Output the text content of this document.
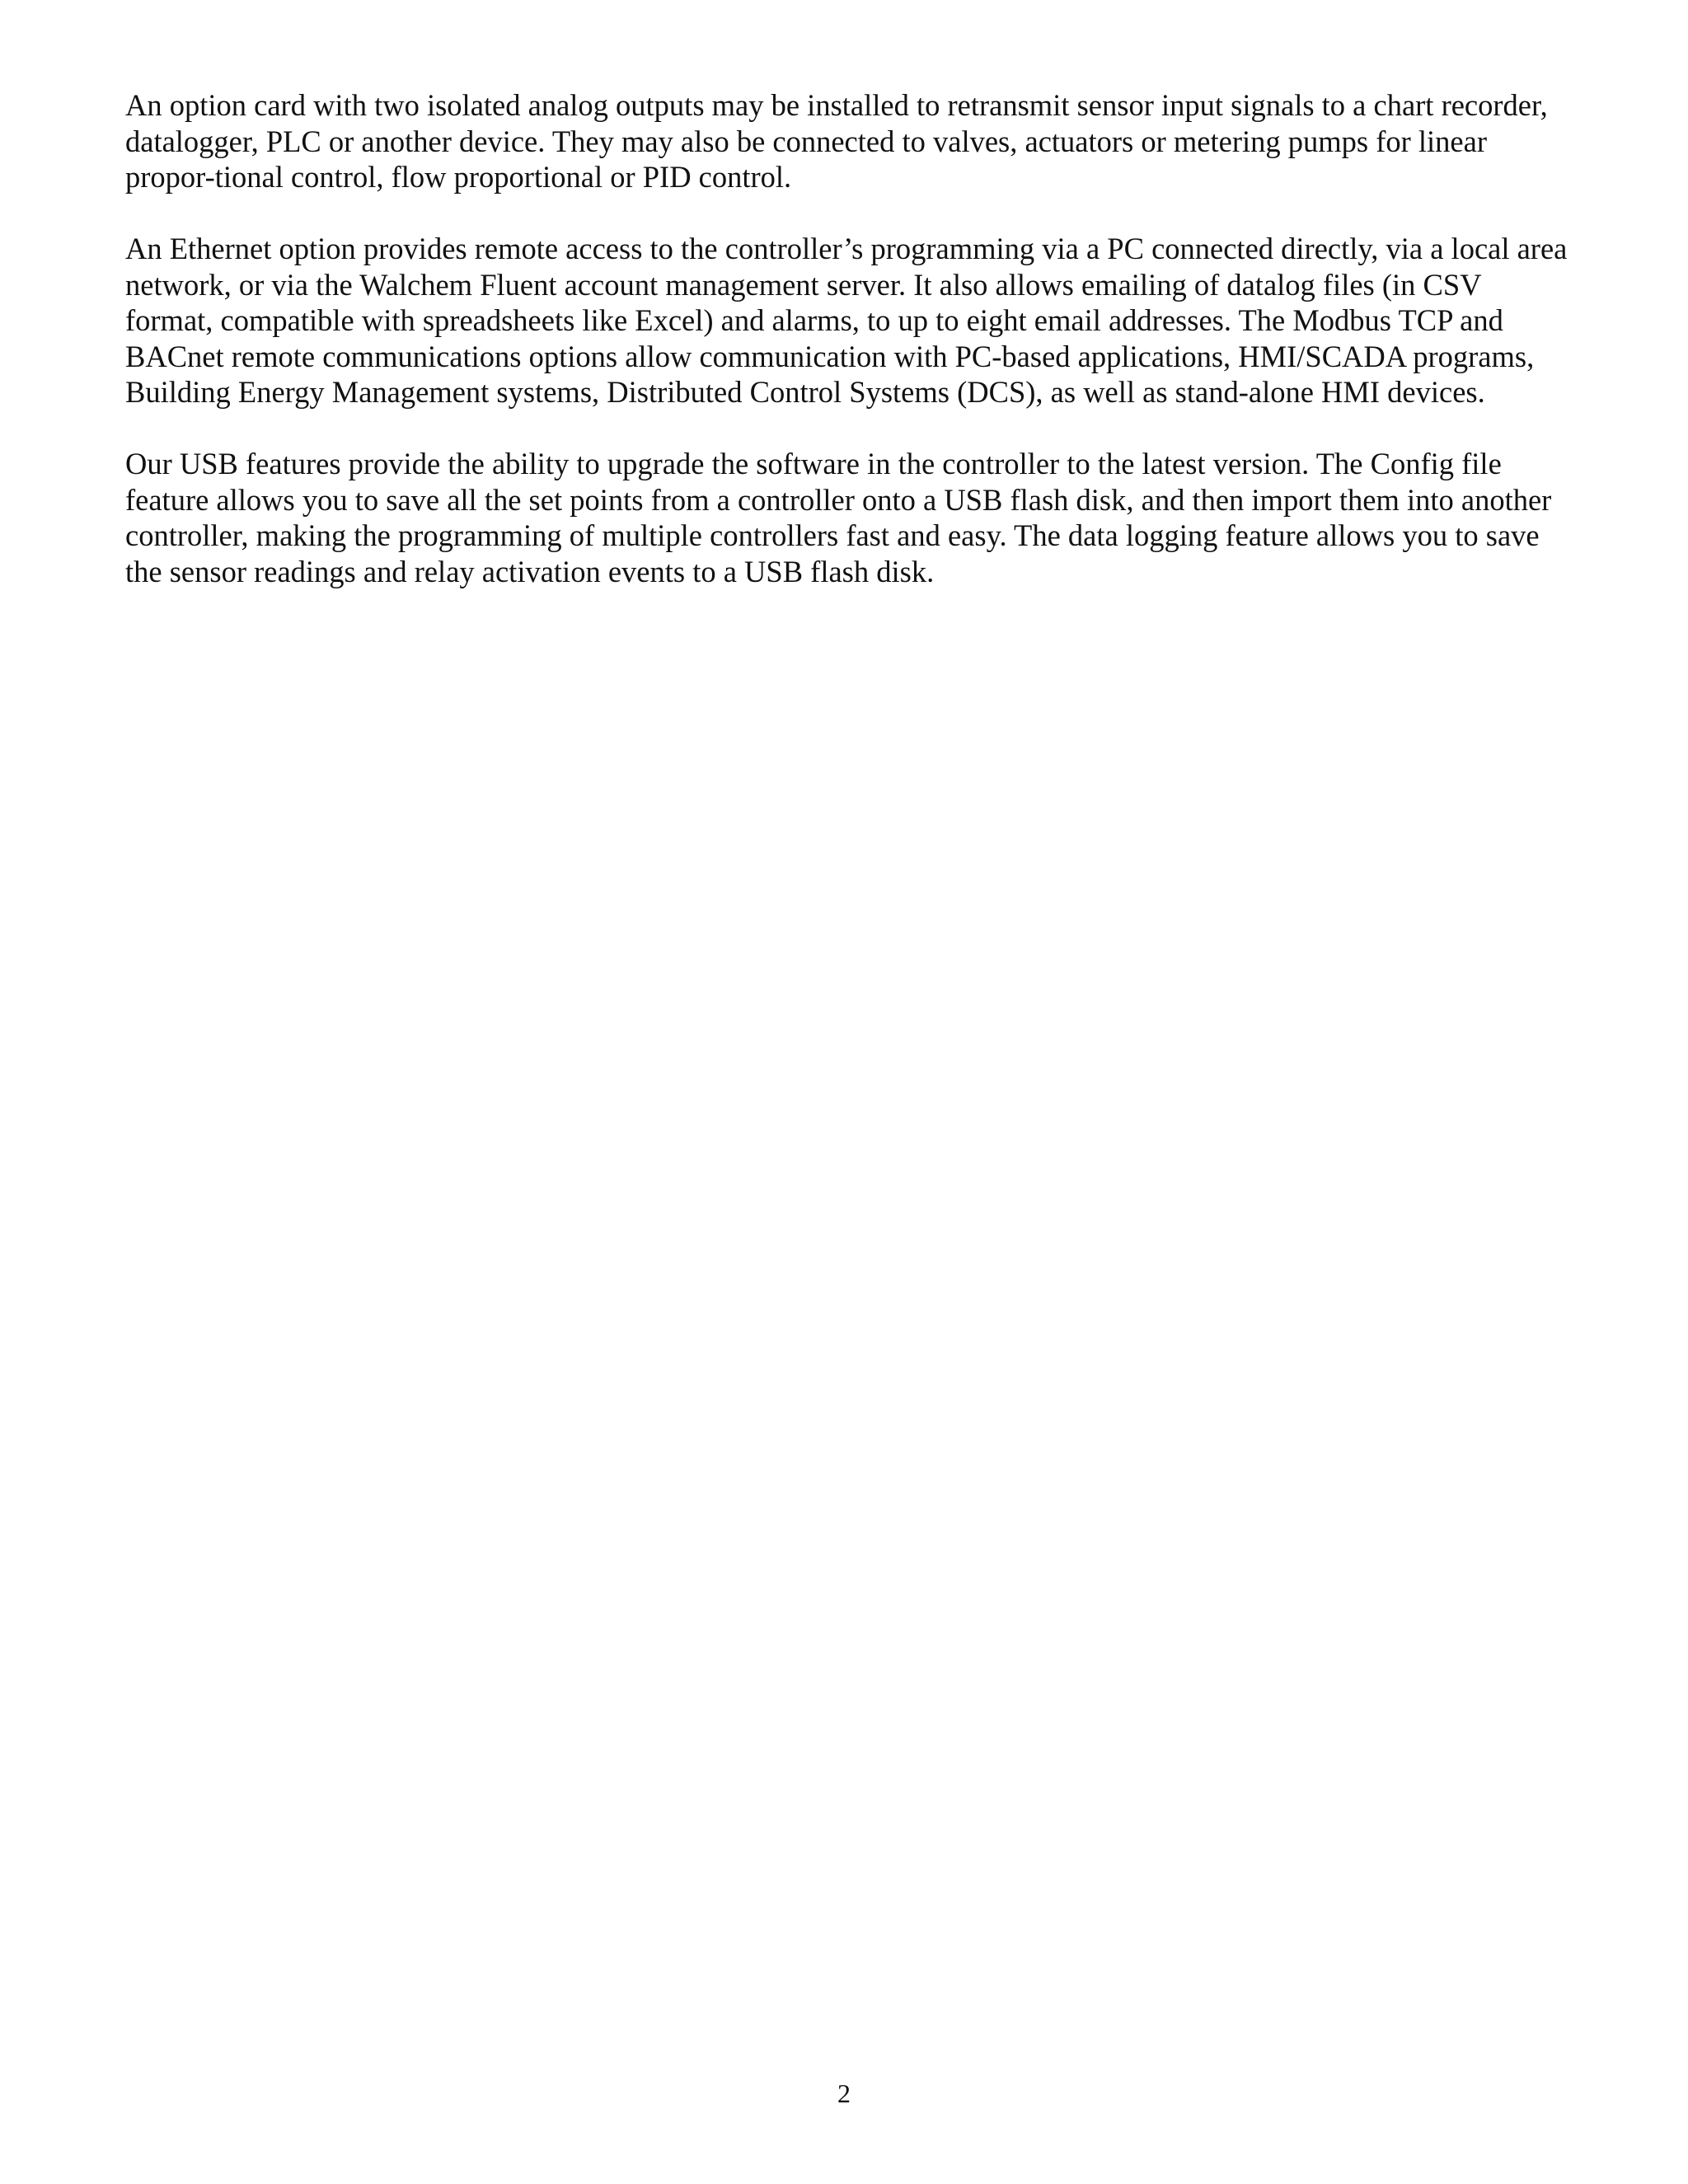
An option card with two isolated analog outputs may be installed to retransmit sensor input signals to a chart recorder, datalogger, PLC or another device. They may also be connected to valves, actuators or metering pumps for linear propor-tional control, flow proportional or PID control.

An Ethernet option provides remote access to the controller’s programming via a PC connected directly, via a local area network, or via the Walchem Fluent account management server. It also allows emailing of datalog files (in CSV format, compatible with spreadsheets like Excel) and alarms, to up to eight email addresses. The Modbus TCP and BACnet remote communications options allow communication with PC-based applications, HMI/SCADA programs, Building Energy Management systems, Distributed Control Systems (DCS), as well as stand-alone HMI devices.

Our USB features provide the ability to upgrade the software in the controller to the latest version. The Config file feature allows you to save all the set points from a controller onto a USB flash disk, and then import them into another controller, making the programming of multiple controllers fast and easy. The data logging feature allows you to save the sensor readings and relay activation events to a USB flash disk.

2
